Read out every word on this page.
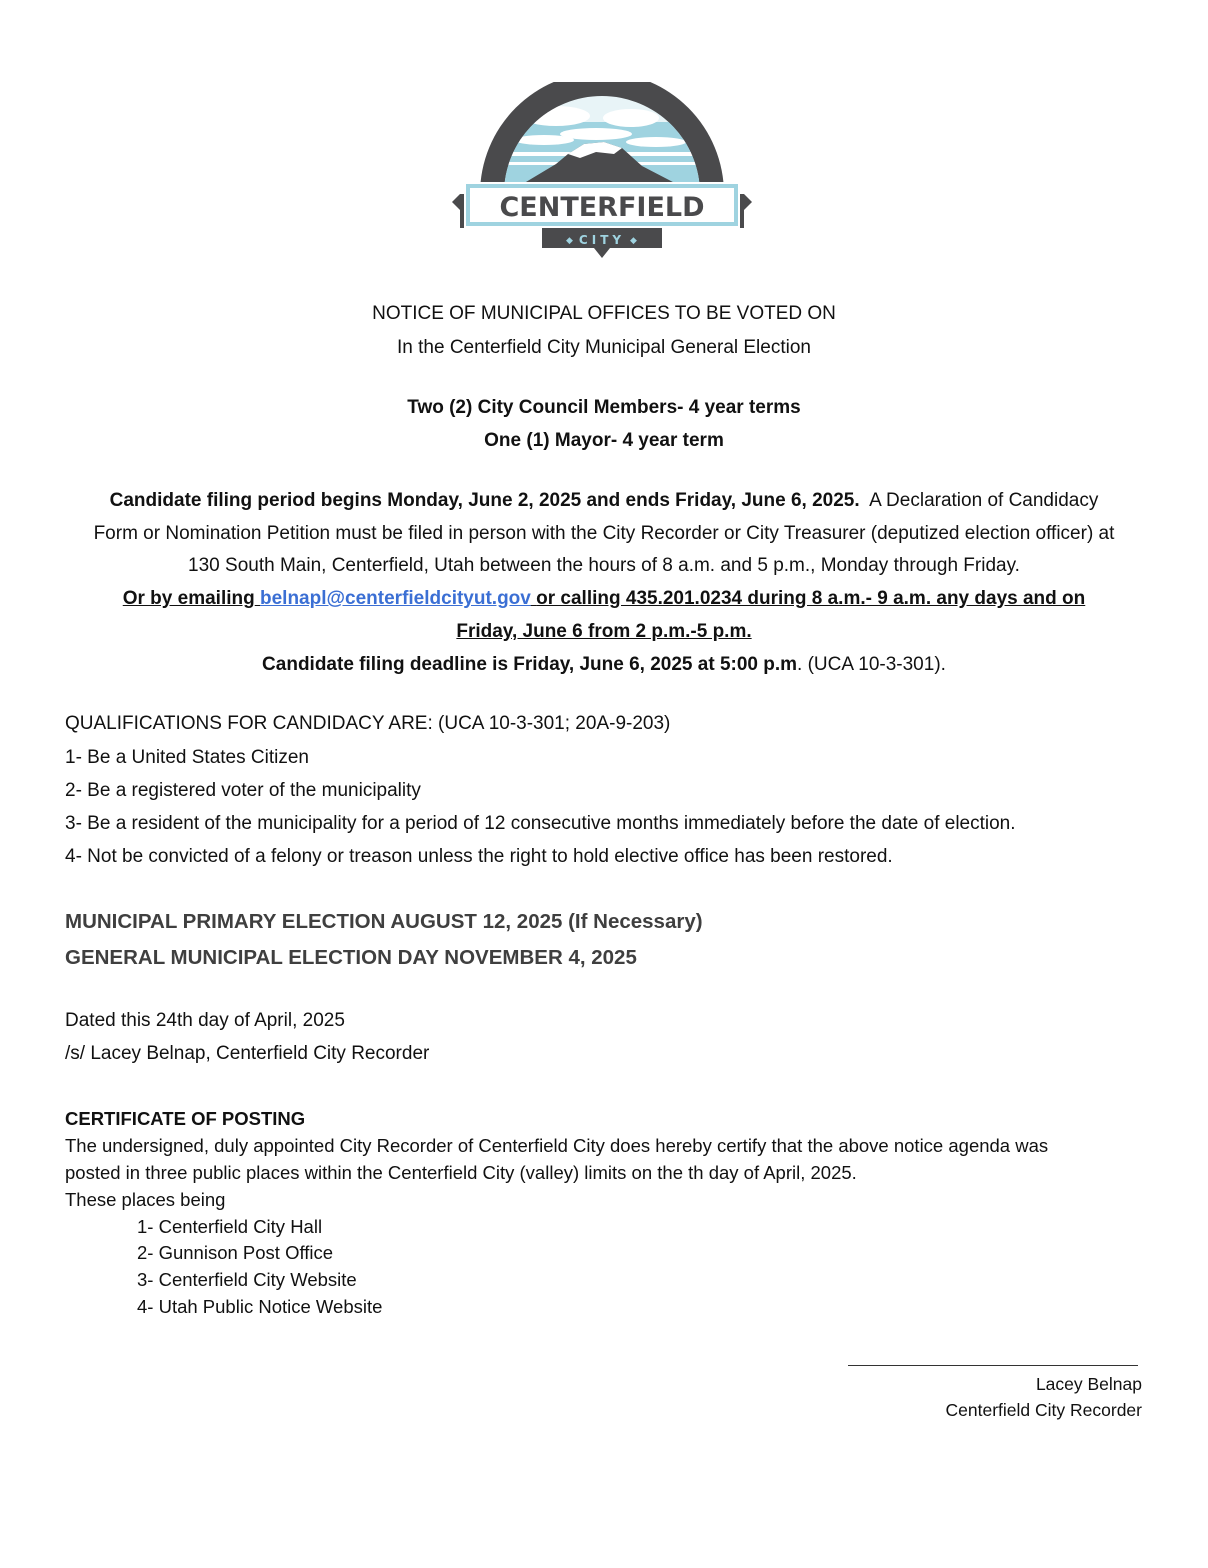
CENTERFIELD
CITY
◆	◆
NOTICE OF MUNICIPAL OFFICES TO BE VOTED ON
In the Centerfield City Municipal General Election
Two (2) City Council Members- 4 year terms
One (1) Mayor- 4 year term
Candidate filing period begins Monday, June 2, 2025 and ends Friday, June 6, 2025. A Declaration of Candidacy
Form or Nomination Petition must be filed in person with the City Recorder or City Treasurer (deputized election officer) at
130 South Main, Centerfield, Utah between the hours of 8 a.m. and 5 p.m., Monday through Friday.
Or by emailing belnapl@centerfieldcityut.gov or calling 435.201.0234 during 8 a.m.- 9 a.m. any days and on
Friday, June 6 from 2 p.m.-5 p.m.
Candidate filing deadline is Friday, June 6, 2025 at 5:00 p.m. (UCA 10-3-301).
QUALIFICATIONS FOR CANDIDACY ARE: (UCA 10-3-301; 20A-9-203)
1- Be a United States Citizen
2- Be a registered voter of the municipality
3- Be a resident of the municipality for a period of 12 consecutive months immediately before the date of election.
4- Not be convicted of a felony or treason unless the right to hold elective office has been restored.
MUNICIPAL PRIMARY ELECTION AUGUST 12, 2025 (If Necessary)
GENERAL MUNICIPAL ELECTION DAY NOVEMBER 4, 2025
Dated this 24th day of April, 2025
/s/ Lacey Belnap, Centerfield City Recorder
CERTIFICATE OF POSTING
The undersigned, duly appointed City Recorder of Centerfield City does hereby certify that the above notice agenda was
posted in three public places within the Centerfield City (valley) limits on the th day of April, 2025.
These places being
1- Centerfield City Hall
2- Gunnison Post Office
3- Centerfield City Website
4- Utah Public Notice Website
Lacey Belnap
Centerfield City Recorder
